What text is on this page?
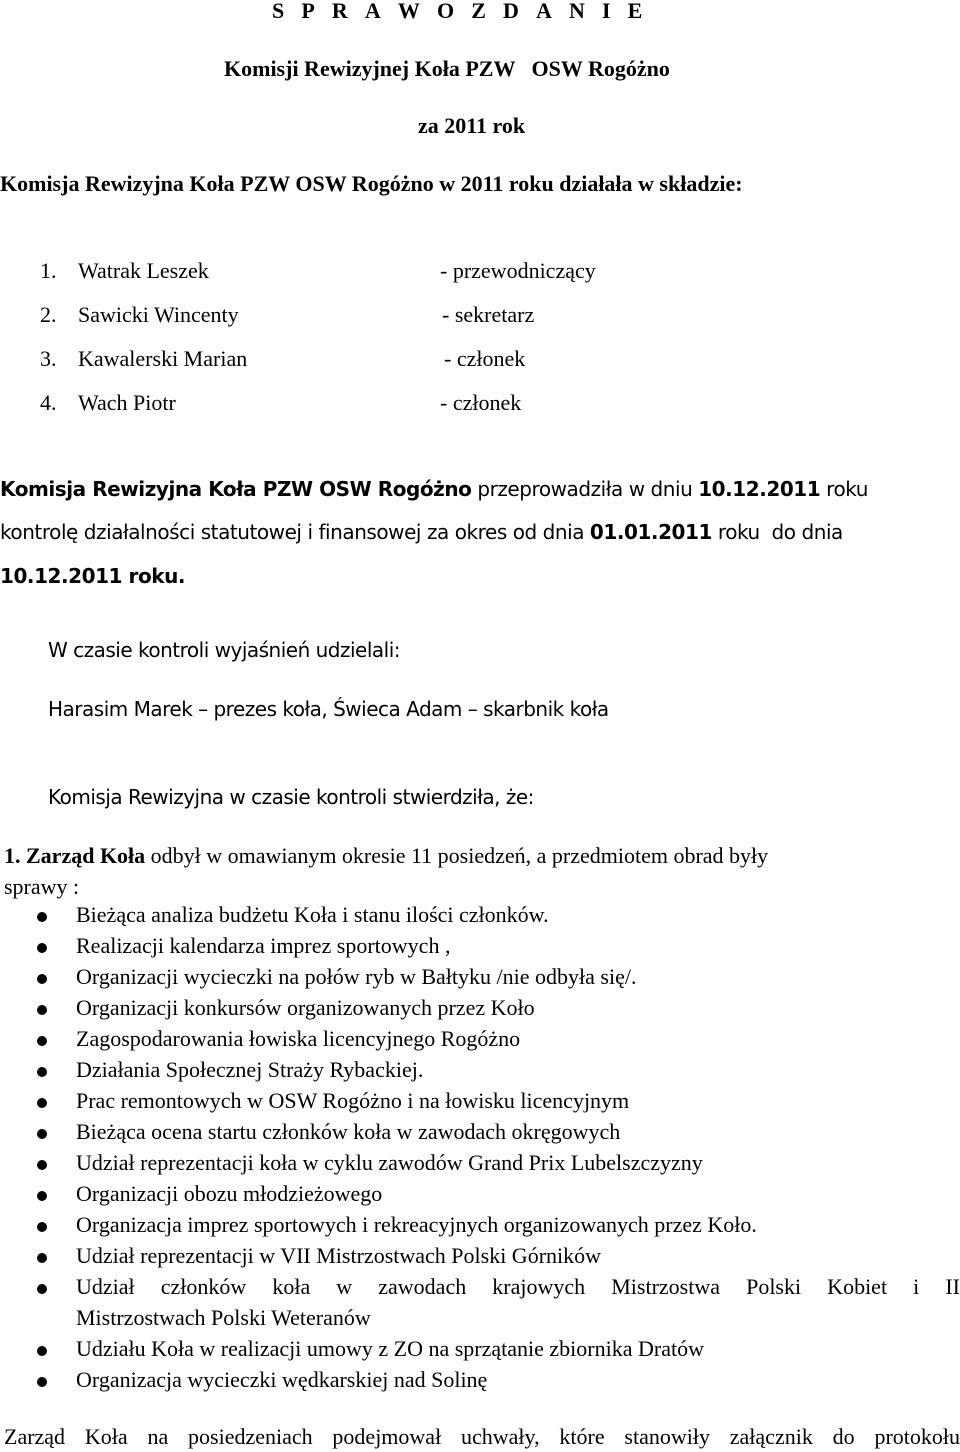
S P R A W O Z D A N I E
Komisji Rewizyjnej Koła PZW   OSW Rogóżno
za 2011 rok
Komisja Rewizyjna Koła PZW OSW Rogóżno w 2011 roku działała w składzie:
1. Watrak Leszek	- przewodniczący
2. Sawicki Wincenty	- sekretarz
3. Kawalerski Marian	- członek
4. Wach Piotr	- członek
Komisja Rewizyjna Koła PZW OSW Rogóżno przeprowadziła w dniu 10.12.2011 roku
kontrolę działalności statutowej i finansowej za okres od dnia 01.01.2011 roku  do dnia
10.12.2011 roku.
W czasie kontroli wyjaśnień udzielali:
Harasim Marek – prezes koła, Świeca Adam – skarbnik koła
Komisja Rewizyjna w czasie kontroli stwierdziła, że:
1. Zarząd Koła odbył w omawianym okresie 11 posiedzeń, a przedmiotem obrad były
sprawy :
Bieżąca analiza budżetu Koła i stanu ilości członków.
Realizacji kalendarza imprez sportowych ,
Organizacji wycieczki na połów ryb w Bałtyku /nie odbyła się/.
Organizacji konkursów organizowanych przez Koło
Zagospodarowania łowiska licencyjnego Rogóżno
Działania Społecznej Straży Rybackiej.
Prac remontowych w OSW Rogóżno i na łowisku licencyjnym
Bieżąca ocena startu członków koła w zawodach okręgowych
Udział reprezentacji koła w cyklu zawodów Grand Prix Lubelszczyzny
Organizacji obozu młodzieżowego
Organizacja imprez sportowych i rekreacyjnych organizowanych przez Koło.
Udział reprezentacji w VII Mistrzostwach Polski Górników
Udział członków koła w zawodach krajowych Mistrzostwa Polski Kobiet i II
Mistrzostwach Polski Weteranów
Udziału Koła w realizacji umowy z ZO na sprzątanie zbiornika Dratów
Organizacja wycieczki wędkarskiej nad Solinę
Zarząd Koła na posiedzeniach podejmował uchwały, które stanowiły załącznik do protokołu
